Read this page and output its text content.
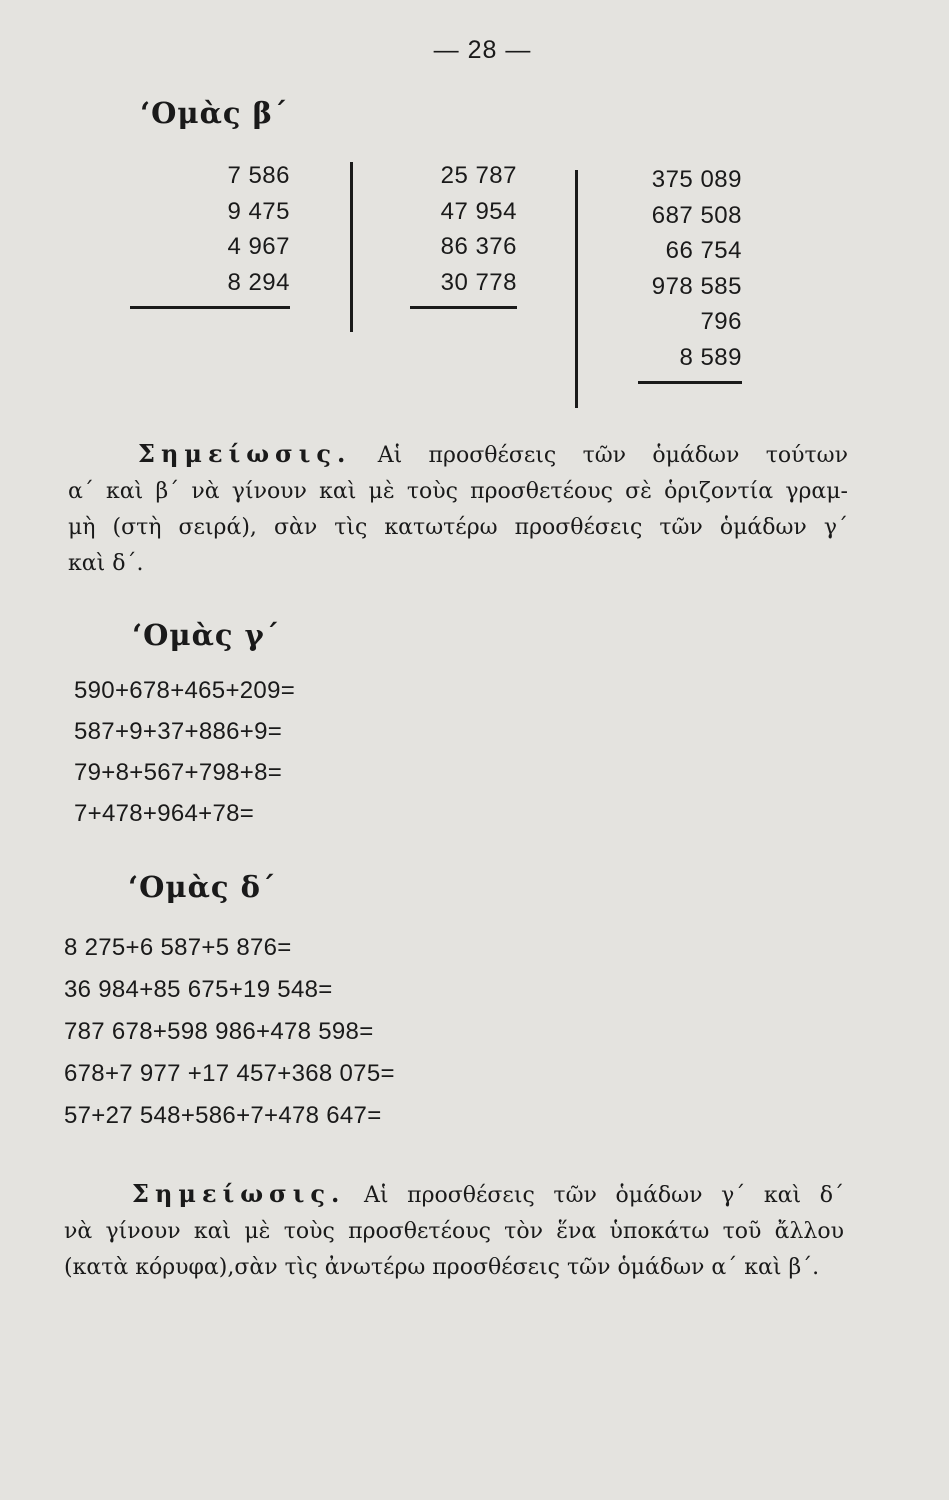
— 28 —
‘Ομὰς β΄
7 586
9 475
4 967
8 294
25 787
47 954
86 376
30 778
375 089
687 508
66 754
978 585
796
8 589
Σημείωσις. Αἱ προσθέσεις τῶν ὁμάδων τούτων
α΄ καὶ β΄ νὰ γίνουν καὶ μὲ τοὺς προσθετέους σὲ ὁριζοντία γραμ-
μὴ (στὴ σειρά), σὰν τὶς κατωτέρω προσθέσεις τῶν ὁμάδων γ΄
καὶ δ΄.
‘Ομὰς γ΄
590+678+465+209=
587+9+37+886+9=
79+8+567+798+8=
7+478+964+78=
‘Ομὰς δ΄
8 275+6 587+5 876=
36 984+85 675+19 548=
787 678+598 986+478 598=
678+7 977 +17 457+368 075=
57+27 548+586+7+478 647=
Σημείωσις. Αἱ προσθέσεις τῶν ὁμάδων γ΄ καὶ δ΄
νὰ γίνουν καὶ μὲ τοὺς προσθετέους τὸν ἕνα ὑποκάτω τοῦ ἄλλου
(κατὰ κόρυφα),σὰν τὶς ἀνωτέρω προσθέσεις τῶν ὁμάδων α΄ καὶ β΄.
